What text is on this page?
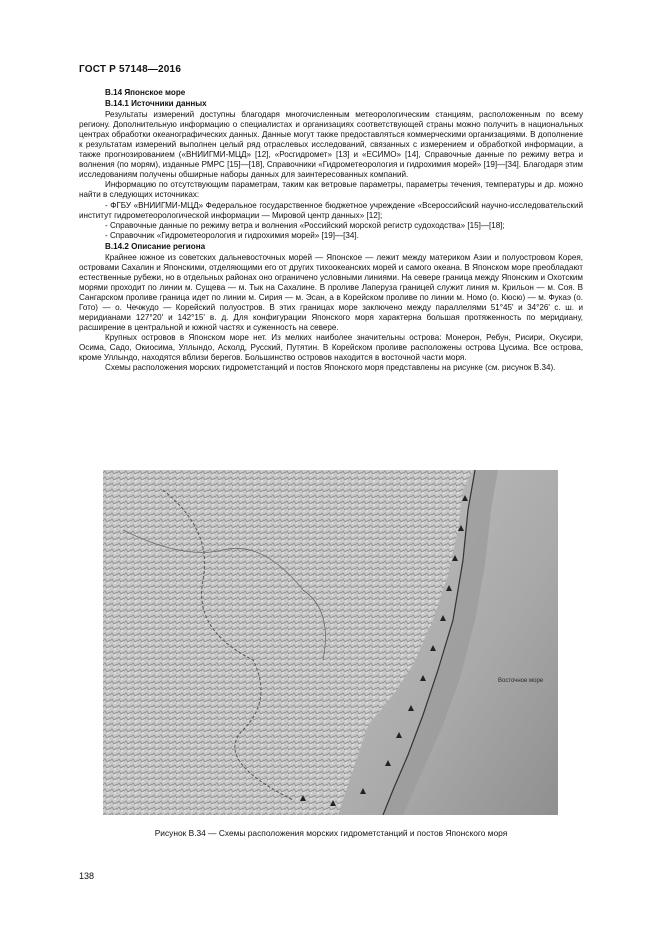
ГОСТ Р 57148—2016
В.14 Японское море
В.14.1 Источники данных

Результаты измерений доступны благодаря многочисленным метеорологическим станциям, расположенным по всему региону. Дополнительную информацию о специалистах и организациях соответствующей страны можно получить в национальных центрах обработки океанографических данных. Данные могут также предоставляться коммерческими организациями. В дополнение к результатам измерений выполнен целый ряд отраслевых исследований, связанных с измерением и обработкой информации, а также прогнозированием («ВНИИГМИ-МЦД» [12], «Росгидромет» [13] и «ЕСИМО» [14], Справочные данные по режиму ветра и волнения (по морям), изданные РМРС [15]—[18], Справочники «Гидрометеорология и гидрохимия морей» [19]—[34]. Благодаря этим исследованиям получены обширные наборы данных для заинтересованных компаний.

Информацию по отсутствующим параметрам, таким как ветровые параметры, параметры течения, температуры и др. можно найти в следующих источниках:

- ФГБУ «ВНИИГМИ-МЦД» Федеральное государственное бюджетное учреждение «Всероссийский научно-исследовательский институт гидрометеорологической информации — Мировой центр данных» [12];
- Справочные данные по режиму ветра и волнения «Российский морской регистр судоходства» [15]—[18];
- Справочник «Гидрометеорология и гидрохимия морей» [19]—[34].
В.14.2 Описание региона

Крайнее южное из советских дальневосточных морей — Японское — лежит между материком Азии и полуостровом Корея, островами Сахалин и Японскими, отделяющими его от других тихоокеанских морей и самого океана. В Японском море преобладают естественные рубежи, но в отдельных районах оно ограничено условными линиями. На севере граница между Японским и Охотским морями проходит по линии м. Сущева — м. Тык на Сахалине. В проливе Лаперуза границей служит линия м. Крильон — м. Соя. В Сангарском проливе граница идет по линии м. Сирия — м. Эсан, а в Корейском проливе по линии м. Номо (о. Кюсю) — м. Фукаэ (о. Гото) — о. Чечжудо — Корейский полуостров. В этих границах море заключено между параллелями 51°45' и 34°26' с. ш. и меридианами 127°20' и 142°15' в. д. Для конфигурации Японского моря характерна большая протяженность по меридиану, расширение в центральной и южной частях и суженность на севере.

Крупных островов в Японском море нет. Из мелких наиболее значительны острова: Монерон, Ребун, Рисири, Окусири, Осима, Садо, Окиосима, Уллындо, Асколд, Русский, Путятин. В Корейском проливе расположены острова Цусима. Все острова, кроме Уллындо, находятся вблизи берегов. Большинство островов находится в восточной части моря.

Схемы расположения морских гидрометстанций и постов Японского моря представлены на рисунке (см. рисунок В.34).

Восточное море
Рисунок В.34 — Схемы расположения морских гидрометстанций и постов Японского моря
138
